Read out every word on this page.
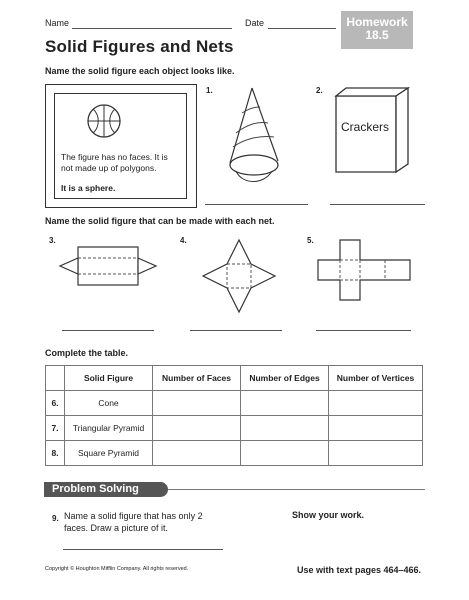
Name	Date	Homework
18.5
Solid Figures and Nets
Name the solid figure each object looks like.
The figure has no faces. It is not made up of polygons.
It is a sphere.
1.	2.
Crackers
Name the solid figure that can be made with each net.
3.	4.	5.
Complete the table.
	Solid Figure	Number of Faces	Number of Edges	Number of Vertices
6.	Cone			
7.	Triangular Pyramid			
8.	Square Pyramid			
Problem Solving
9. Name a solid figure that has only 2 faces. Draw a picture of it.
Show your work.
Copyright © Houghton Mifflin Company. All rights reserved.	Use with text pages 464–466.
